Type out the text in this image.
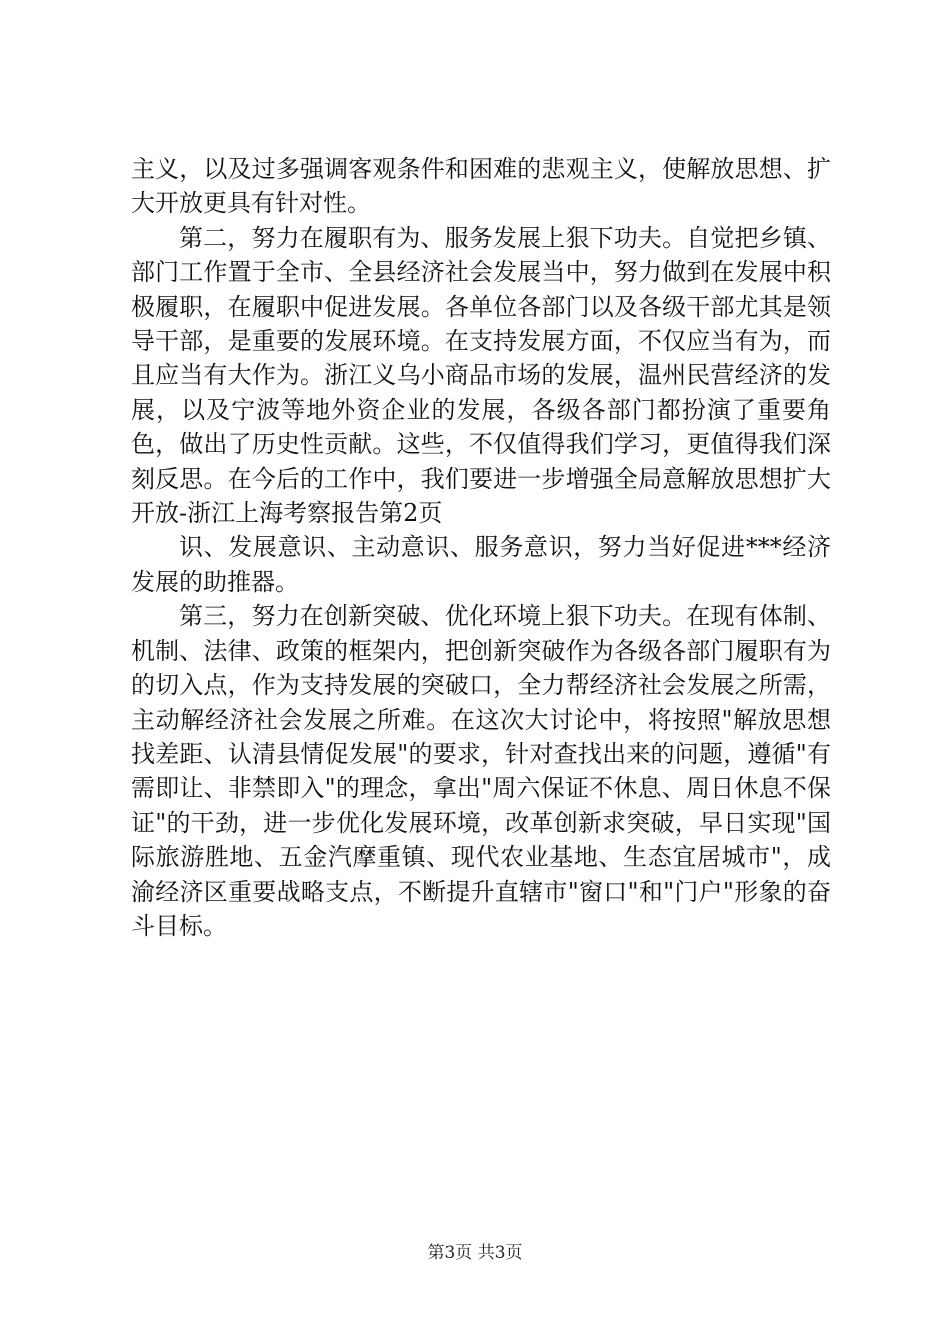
主义，以及过多强调客观条件和困难的悲观主义，使解放思想、扩大开放更具有针对性。

第二，努力在履职有为、服务发展上狠下功夫。自觉把乡镇、部门工作置于全市、全县经济社会发展当中，努力做到在发展中积极履职，在履职中促进发展。各单位各部门以及各级干部尤其是领导干部，是重要的发展环境。在支持发展方面，不仅应当有为，而且应当有大作为。浙江义乌小商品市场的发展，温州民营经济的发展，以及宁波等地外资企业的发展，各级各部门都扮演了重要角色，做出了历史性贡献。这些，不仅值得我们学习，更值得我们深刻反思。在今后的工作中，我们要进一步增强全局意解放思想扩大开放-浙江上海考察报告第2页

识、发展意识、主动意识、服务意识，努力当好促进***经济发展的助推器。

第三，努力在创新突破、优化环境上狠下功夫。在现有体制、机制、法律、政策的框架内，把创新突破作为各级各部门履职有为的切入点，作为支持发展的突破口，全力帮经济社会发展之所需，主动解经济社会发展之所难。在这次大讨论中，将按照"解放思想找差距、认清县情促发展"的要求，针对查找出来的问题，遵循"有需即让、非禁即入"的理念，拿出"周六保证不休息、周日休息不保证"的干劲，进一步优化发展环境，改革创新求突破，早日实现"国际旅游胜地、五金汽摩重镇、现代农业基地、生态宜居城市"，成渝经济区重要战略支点，不断提升直辖市"窗口"和"门户"形象的奋斗目标。

第3页 共3页
